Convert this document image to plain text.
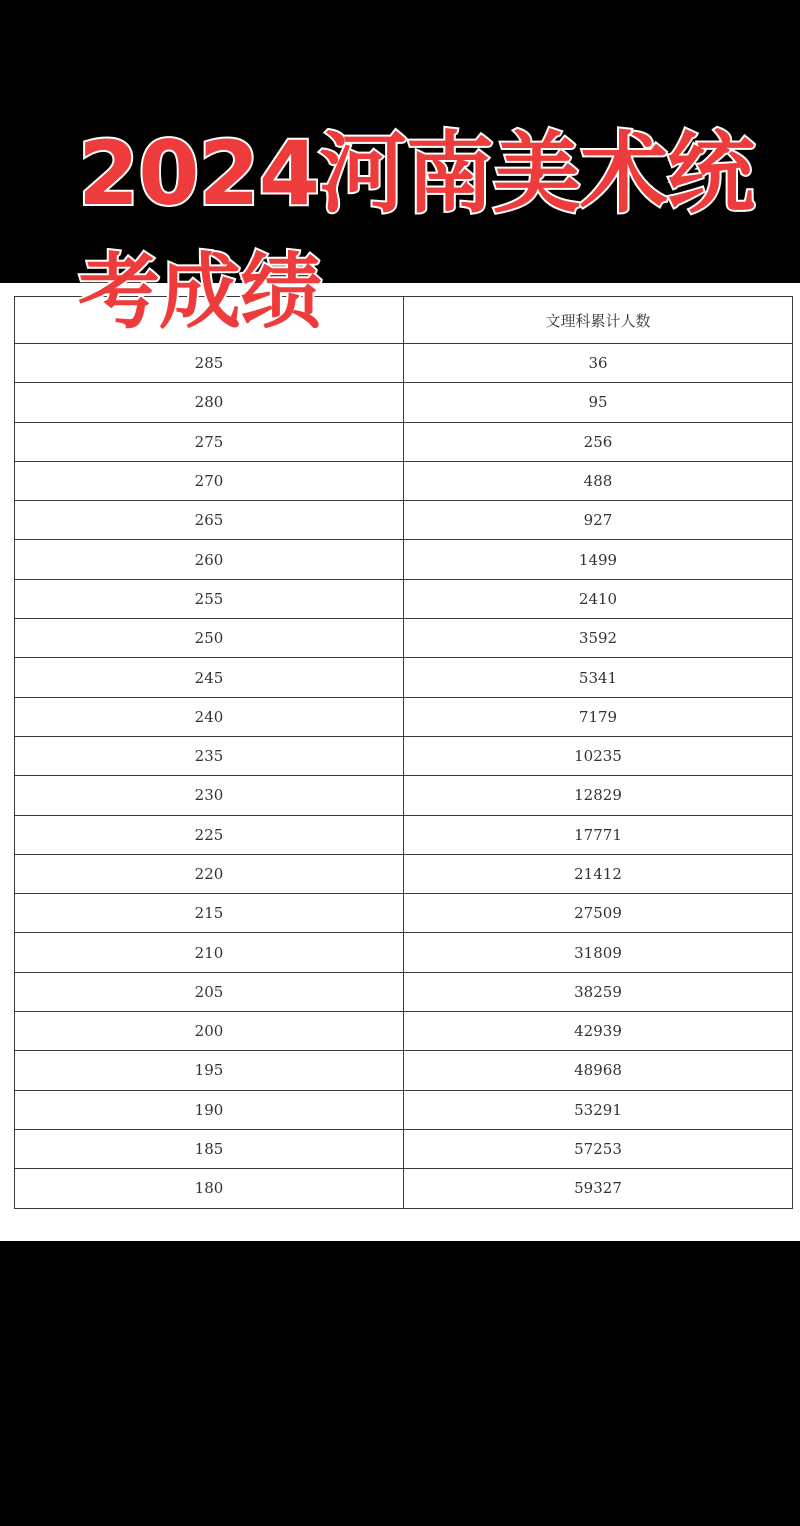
	文理科累计人数
285	36
280	95
275	256
270	488
265	927
260	1499
255	2410
250	3592
245	5341
240	7179
235	10235
230	12829
225	17771
220	21412
215	27509
210	31809
205	38259
200	42939
195	48968
190	53291
185	57253
180	59327
2024河南美术统
考成绩
